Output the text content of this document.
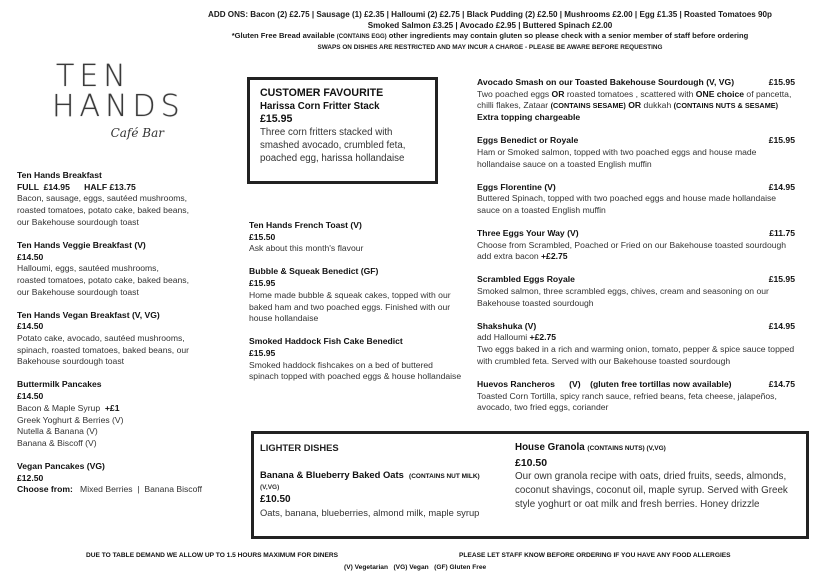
ADD ONS: Bacon (2) £2.75 | Sausage (1) £2.35 | Halloumi (2) £2.75 | Black Pudding (2) £2.50 | Mushrooms £2.00 | Egg £1.35 | Roasted Tomatoes 90p
Smoked Salmon £3.25 | Avocado £2.95 | Buttered Spinach £2.00
*Gluten Free Bread available (CONTAINS EGG) other ingredients may contain gluten so please check with a senior member of staff before ordering
SWAPS ON DISHES ARE RESTRICTED AND MAY INCUR A CHARGE - PLEASE BE AWARE BEFORE REQUESTING
TEN
HANDS
Café Bar
Ten Hands Breakfast
FULL  £14.95      HALF £13.75
Bacon, sausage, eggs, sautéed mushrooms,
roasted tomatoes, potato cake, baked beans,
our Bakehouse sourdough toast
Ten Hands Veggie Breakfast (V)
£14.50
Halloumi, eggs, sautéed mushrooms,
roasted tomatoes, potato cake, baked beans,
our Bakehouse sourdough toast
Ten Hands Vegan Breakfast (V, VG)
£14.50
Potato cake, avocado, sautéed mushrooms,
spinach, roasted tomatoes, baked beans, our
Bakehouse sourdough toast
Buttermilk Pancakes
£14.50
Bacon & Maple Syrup +£1
Greek Yoghurt & Berries (V)
Nutella & Banana (V)
Banana & Biscoff (V)
Vegan Pancakes (VG)
£12.50
Choose from: Mixed Berries  |  Banana Biscoff
CUSTOMER FAVOURITE
Harissa Corn Fritter Stack
£15.95
Three corn fritters stacked with smashed avocado, crumbled feta, poached egg, harissa hollandaise
Ten Hands French Toast (V)
£15.50
Ask about this month's flavour
Bubble & Squeak Benedict (GF)
£15.95
Home made bubble & squeak cakes, topped with our baked ham and two poached eggs. Finished with our house hollandaise
Smoked Haddock Fish Cake Benedict
£15.95
Smoked haddock fishcakes on a bed of buttered spinach topped with poached eggs & house hollandaise
Avocado Smash on our Toasted Bakehouse Sourdough (V, VG)	£15.95
Two poached eggs OR roasted tomatoes , scattered with ONE choice of pancetta, chilli flakes, Zataar (CONTAINS SESAME) OR dukkah (CONTAINS NUTS & SESAME)
Extra topping chargeable
Eggs Benedict or Royale	£15.95
Ham or Smoked salmon, topped with two poached eggs and house made hollandaise sauce on a toasted English muffin
Eggs Florentine (V)	£14.95
Buttered Spinach, topped with two poached eggs and house made hollandaise sauce on a toasted English muffin
Three Eggs Your Way (V)	£11.75
Choose from Scrambled, Poached or Fried on our Bakehouse toasted sourdough
add extra bacon +£2.75
Scrambled Eggs Royale	£15.95
Smoked salmon, three scrambled eggs, chives, cream and seasoning on our Bakehouse toasted sourdough
Shakshuka (V)	£14.95
add Halloumi +£2.75
Two eggs baked in a rich and warming onion, tomato, pepper & spice sauce topped with crumbled feta. Served with our Bakehouse toasted sourdough
Huevos Rancheros      (V)    (gluten free tortillas now available)	£14.75
Toasted Corn Tortilla, spicy ranch sauce, refried beans, feta cheese, jalapeños, avocado, two fried eggs, coriander
LIGHTER DISHES
Banana & Blueberry Baked Oats (CONTAINS NUT MILK)
(V,VG)
£10.50
Oats, banana, blueberries, almond milk, maple syrup
House Granola (CONTAINS NUTS) (V,VG)
£10.50
Our own granola recipe with oats, dried fruits, seeds, almonds, coconut shavings, coconut oil, maple syrup. Served with Greek style yoghurt or oat milk and fresh berries. Honey drizzle
DUE TO TABLE DEMAND WE ALLOW UP TO 1.5 HOURS MAXIMUM FOR DINERS	PLEASE LET STAFF KNOW BEFORE ORDERING IF YOU HAVE ANY FOOD ALLERGIES
(V) Vegetarian   (VG) Vegan   (GF) Gluten Free
